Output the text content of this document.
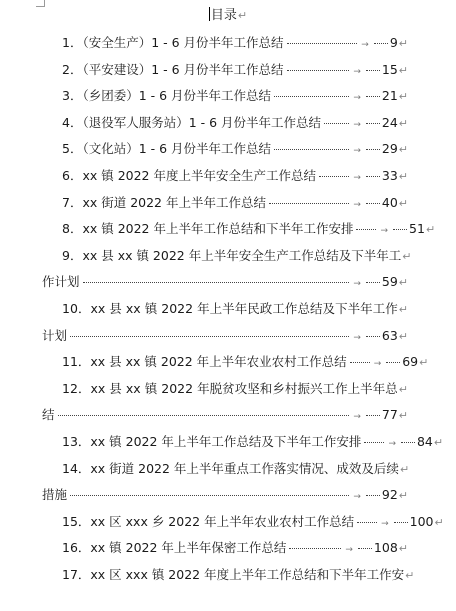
目录↵
1．（安全生产）1 - 6 月份半年工作总结	→ 9 ↵
2．（平安建设）1 - 6 月份半年工作总结	→ 15 ↵
3．（乡团委）1 - 6 月份半年工作总结	→ 21 ↵
4．（退役军人服务站）1 - 6 月份半年工作总结	→ 24 ↵
5．（文化站）1 - 6 月份半年工作总结	→ 29 ↵
6．xx 镇 2022 年度上半年安全生产工作总结	→ 33 ↵
7．xx 街道 2022 年上半年工作总结	→ 40 ↵
8．xx 镇 2022 年上半年工作总结和下半年工作安排	→ 51 ↵
9．xx 县 xx 镇 2022 年上半年安全生产工作总结及下半年工 ↵
作计划	→ 59 ↵
10．xx 县 xx 镇 2022 年上半年民政工作总结及下半年工作 ↵
计划	→ 63 ↵
11．xx 县 xx 镇 2022 年上半年农业农村工作总结	→ 69 ↵
12．xx 县 xx 镇 2022 年脱贫攻坚和乡村振兴工作上半年总 ↵
结	→ 77 ↵
13．xx 镇 2022 年上半年工作总结及下半年工作安排	→ 84 ↵
14．xx 街道 2022 年上半年重点工作落实情况、成效及后续 ↵
措施	→ 92 ↵
15．xx 区 xxx 乡 2022 年上半年农业农村工作总结	→ 100 ↵
16．xx 镇 2022 年上半年保密工作总结	→ 108 ↵
17．xx 区 xxx 镇 2022 年度上半年工作总结和下半年工作安 ↵
